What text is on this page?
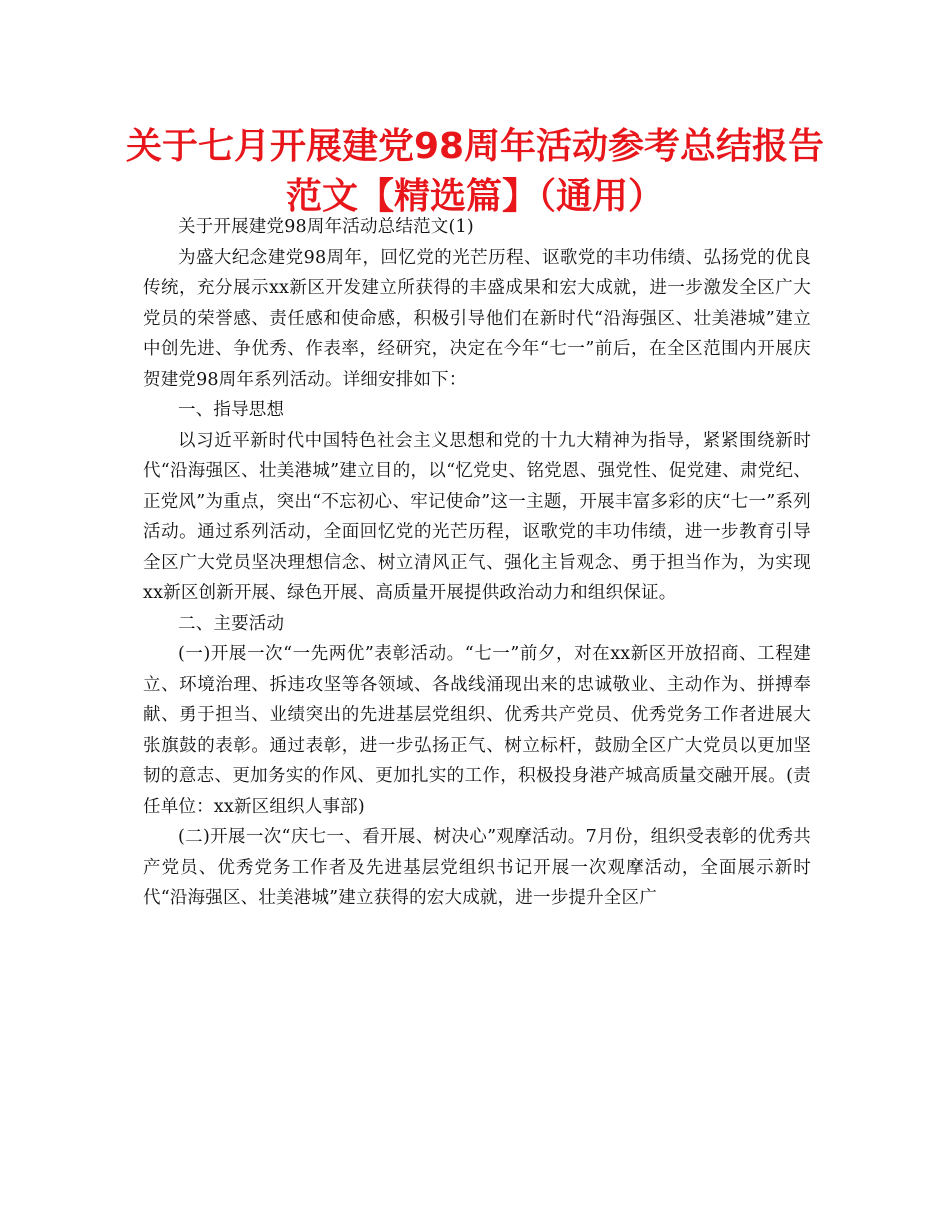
关于七月开展建党98周年活动参考总结报告范文【精选篇】（通用）

关于开展建党98周年活动总结范文(1)

为盛大纪念建党98周年，回忆党的光芒历程、讴歌党的丰功伟绩、弘扬党的优良传统，充分展示xx新区开发建立所获得的丰盛成果和宏大成就，进一步激发全区广大党员的荣誉感、责任感和使命感，积极引导他们在新时代“沿海强区、壮美港城”建立中创先进、争优秀、作表率，经研究，决定在今年“七一”前后，在全区范围内开展庆贺建党98周年系列活动。详细安排如下：

一、指导思想

以习近平新时代中国特色社会主义思想和党的十九大精神为指导，紧紧围绕新时代“沿海强区、壮美港城”建立目的，以“忆党史、铭党恩、强党性、促党建、肃党纪、正党风”为重点，突出“不忘初心、牢记使命”这一主题，开展丰富多彩的庆“七一”系列活动。通过系列活动，全面回忆党的光芒历程，讴歌党的丰功伟绩，进一步教育引导全区广大党员坚决理想信念、树立清风正气、强化主旨观念、勇于担当作为，为实现xx新区创新开展、绿色开展、高质量开展提供政治动力和组织保证。

二、主要活动

(一)开展一次“一先两优”表彰活动。“七一”前夕，对在xx新区开放招商、工程建立、环境治理、拆违攻坚等各领域、各战线涌现出来的忠诚敬业、主动作为、拼搏奉献、勇于担当、业绩突出的先进基层党组织、优秀共产党员、优秀党务工作者进展大张旗鼓的表彰。通过表彰，进一步弘扬正气、树立标杆，鼓励全区广大党员以更加坚韧的意志、更加务实的作风、更加扎实的工作，积极投身港产城高质量交融开展。(责任单位：xx新区组织人事部)

(二)开展一次“庆七一、看开展、树决心”观摩活动。7月份，组织受表彰的优秀共产党员、优秀党务工作者及先进基层党组织书记开展一次观摩活动，全面展示新时代“沿海强区、壮美港城”建立获得的宏大成就，进一步提升全区广
